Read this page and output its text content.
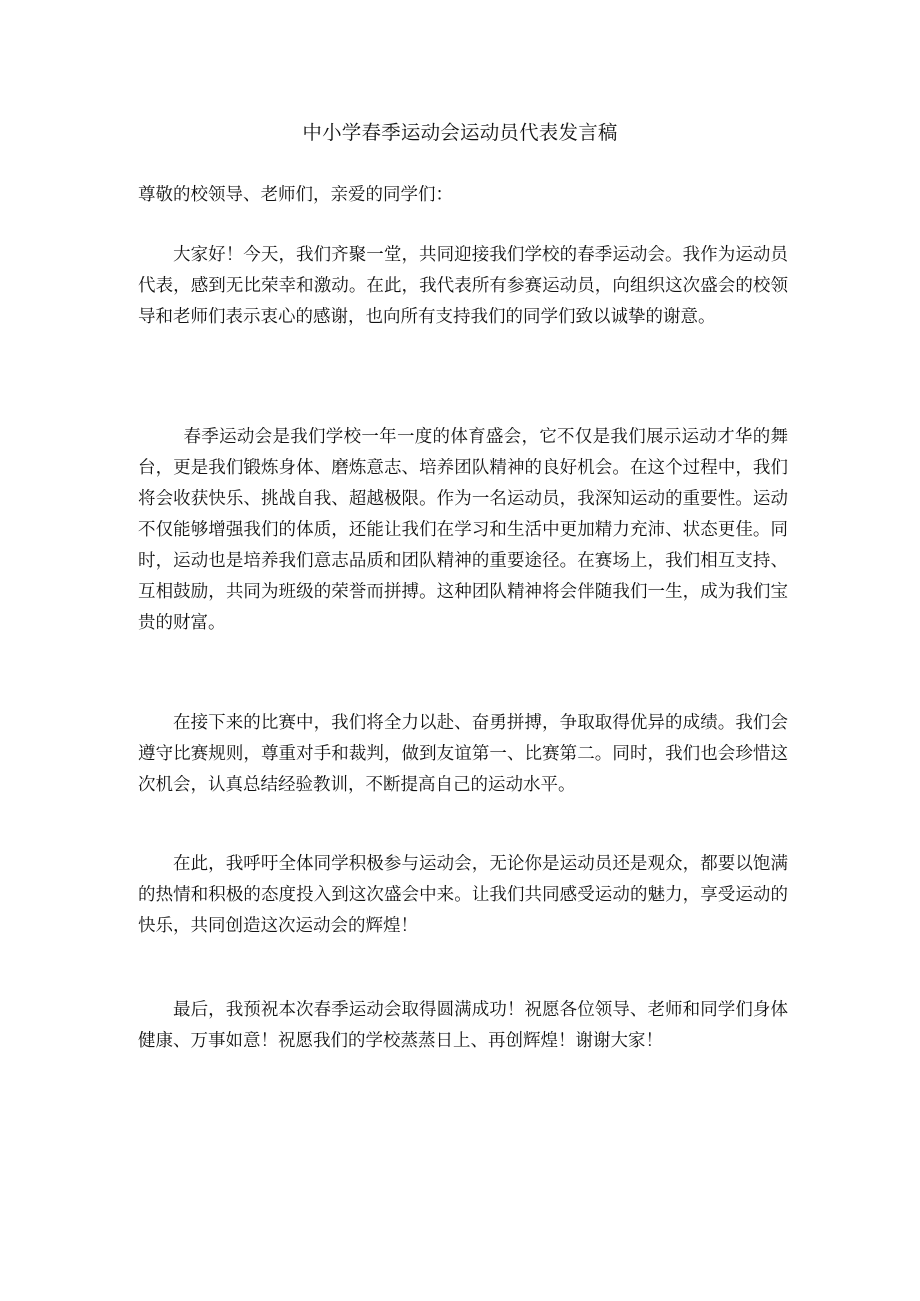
中小学春季运动会运动员代表发言稿
尊敬的校领导、老师们，亲爱的同学们：

大家好！今天，我们齐聚一堂，共同迎接我们学校的春季运动会。我作为运动员代表，感到无比荣幸和激动。在此，我代表所有参赛运动员，向组织这次盛会的校领导和老师们表示衷心的感谢，也向所有支持我们的同学们致以诚挚的谢意。

春季运动会是我们学校一年一度的体育盛会，它不仅是我们展示运动才华的舞台，更是我们锻炼身体、磨炼意志、培养团队精神的良好机会。在这个过程中，我们将会收获快乐、挑战自我、超越极限。作为一名运动员，我深知运动的重要性。运动不仅能够增强我们的体质，还能让我们在学习和生活中更加精力充沛、状态更佳。同时，运动也是培养我们意志品质和团队精神的重要途径。在赛场上，我们相互支持、互相鼓励，共同为班级的荣誉而拼搏。这种团队精神将会伴随我们一生，成为我们宝贵的财富。

在接下来的比赛中，我们将全力以赴、奋勇拼搏，争取取得优异的成绩。我们会遵守比赛规则，尊重对手和裁判，做到友谊第一、比赛第二。同时，我们也会珍惜这次机会，认真总结经验教训，不断提高自己的运动水平。

在此，我呼吁全体同学积极参与运动会，无论你是运动员还是观众，都要以饱满的热情和积极的态度投入到这次盛会中来。让我们共同感受运动的魅力，享受运动的快乐，共同创造这次运动会的辉煌！

最后，我预祝本次春季运动会取得圆满成功！祝愿各位领导、老师和同学们身体健康、万事如意！祝愿我们的学校蒸蒸日上、再创辉煌！谢谢大家！
